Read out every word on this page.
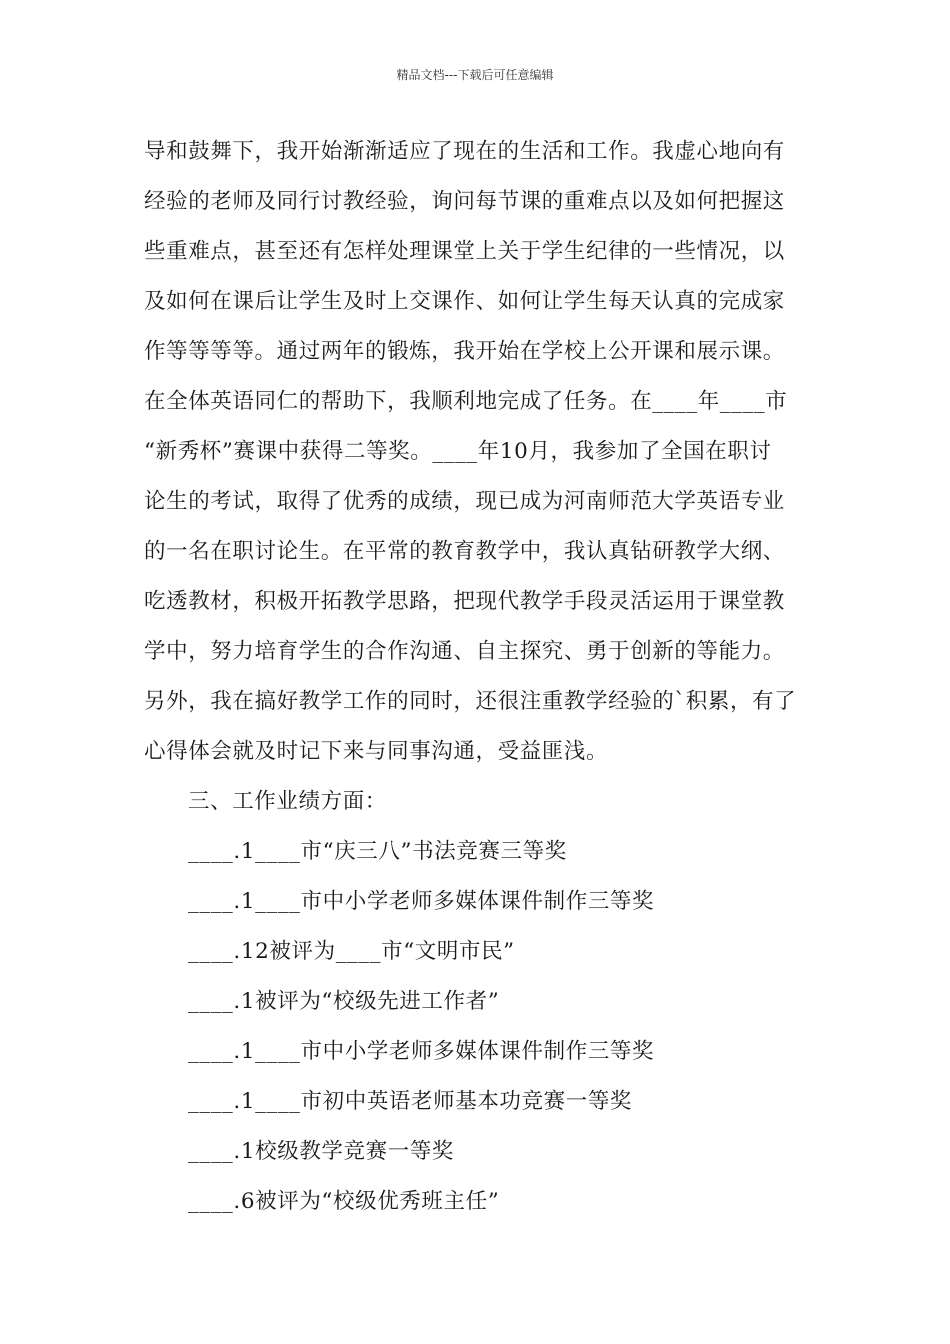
精品文档---下载后可任意编辑
导和鼓舞下，我开始渐渐适应了现在的生活和工作。我虚心地向有
经验的老师及同行讨教经验，询问每节课的重难点以及如何把握这
些重难点，甚至还有怎样处理课堂上关于学生纪律的一些情况，以
及如何在课后让学生及时上交课作、如何让学生每天认真的完成家
作等等等等。通过两年的锻炼，我开始在学校上公开课和展示课。
在全体英语同仁的帮助下，我顺利地完成了任务。在____年____市
“新秀杯”赛课中获得二等奖。____年10月，我参加了全国在职讨
论生的考试，取得了优秀的成绩，现已成为河南师范大学英语专业
的一名在职讨论生。在平常的教育教学中，我认真钻研教学大纲、
吃透教材，积极开拓教学思路，把现代教学手段灵活运用于课堂教
学中，努力培育学生的合作沟通、自主探究、勇于创新的等能力。
另外，我在搞好教学工作的同时，还很注重教学经验的`积累，有了
心得体会就及时记下来与同事沟通，受益匪浅。
三、工作业绩方面：
____.1____市“庆三八”书法竞赛三等奖
____.1____市中小学老师多媒体课件制作三等奖
____.12被评为____市“文明市民”
____.1被评为“校级先进工作者”
____.1____市中小学老师多媒体课件制作三等奖
____.1____市初中英语老师基本功竞赛一等奖
____.1校级教学竞赛一等奖
____.6被评为“校级优秀班主任”
